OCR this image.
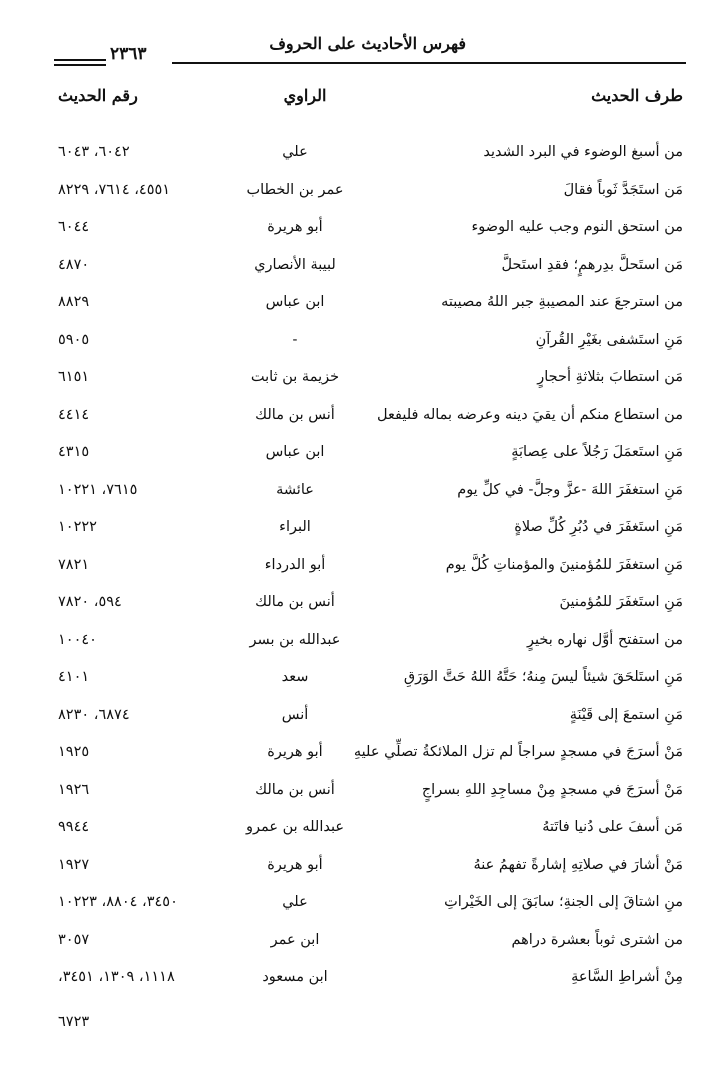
فهرس الأحاديث على الحروف
٢٣٦٣
طرف الحديث
الراوي
رقم الحديث
من أسبغ الوضوء في البرد الشديد
علي
٦٠٤٢، ٦٠٤٣
مَن استَجَدَّ ثَوباً فقالَ
عمر بن الخطاب
٤٥٥١، ٧٦١٤، ٨٢٢٩
من استحق النوم وجب عليه الوضوء
أبو هريرة
٦٠٤٤
مَن استَحلَّ بدِرهمٍ؛ فقدِ استَحلَّ
لبيبة الأنصاري
٤٨٧٠
من استرجعَ عند المصيبةِ جبر اللهُ مصيبته
ابن عباس
٨٨٢٩
مَنِ استَشفى بغَيْرِ القُرآنِ
-
٥٩٠٥
مَن استطابَ بثلاثةِ أحجارٍ
خزيمة بن ثابت
٦١٥١
من استطاع منكم أن يقيَ دينه وعرضه بماله فليفعل
أنس بن مالك
٤٤١٤
مَنِ استَعمَلَ رَجُلاً على عِصابَةٍ
ابن عباس
٤٣١٥
مَنِ استغفَرَ اللهَ -عزَّ وجلَّ- في كلِّ يوم
عائشة
٧٦١٥، ١٠٢٢١
مَنِ استَغفَرَ في دُبُرِ كُلِّ صلاةٍ
البراء
١٠٢٢٢
مَنِ استغفَرَ للمُؤمنينَ والمؤمناتِ كُلَّ يوم
أبو الدرداء
٧٨٢١
مَنِ استَغفَرَ للمُؤمنينَ
أنس بن مالك
٥٩٤، ٧٨٢٠
من استفتح أوَّل نهاره بخيرٍ
عبدالله بن بسر
١٠٠٤٠
مَنِ استَلحَقَ شيئاً ليسَ مِنهُ؛ حَتَّهُ اللهُ حَتَّ الوَرَقِ
سعد
٤١٠١
مَنِ استمعَ إلى قَيْنَةٍ
أنس
٦٨٧٤، ٨٢٣٠
مَنْ أسرَجَ في مسجدٍ سراجاً لم تزل الملائكةُ تصلِّي عليهِ
أبو هريرة
١٩٢٥
مَنْ أسرَجَ في مسجدٍ مِنْ مساجِدِ اللهِ بسراجٍ
أنس بن مالك
١٩٢٦
مَن أسفَ على دُنيا فاتَتهُ
عبدالله بن عمرو
٩٩٤٤
مَنْ أشارَ في صلاتِهِ إشارةً تفهمُ عنهُ
أبو هريرة
١٩٢٧
منِ اشتاقَ إلى الجنةِ؛ سابَقَ إلى الخَيْراتِ
علي
٣٤٥٠، ٨٨٠٤، ١٠٢٢٣
من اشترى ثوباً بعشرة دراهم
ابن عمر
٣٠٥٧
مِنْ أشراطِ السَّاعةِ
ابن مسعود
١١١٨، ١٣٠٩، ٣٤٥١،
٦٧٢٣
